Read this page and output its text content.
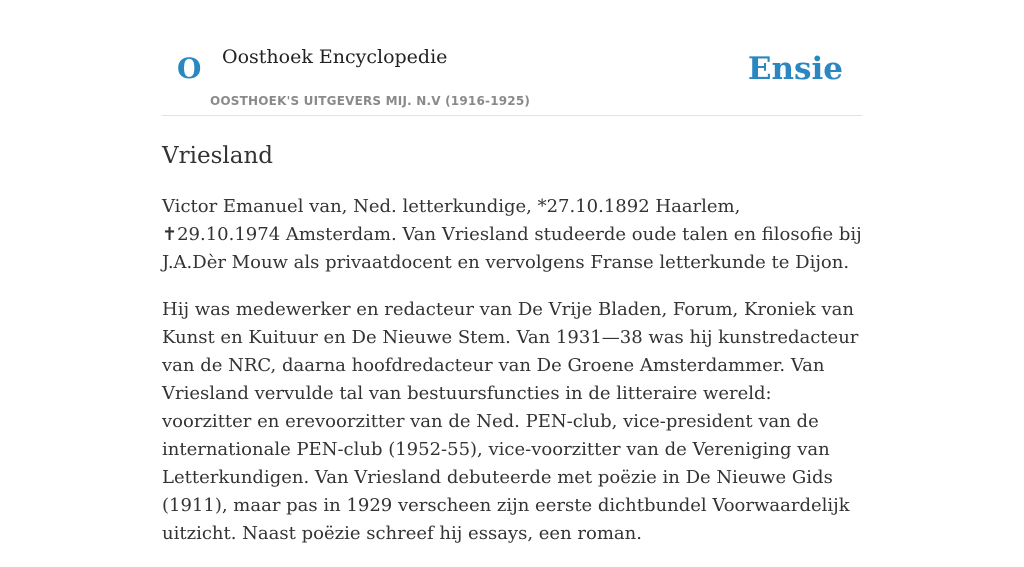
O Oosthoek Encyclopedie
OOSTHOEK'S UITGEVERS MIJ. N.V (1916-1925)
Ensie
Vriesland

Victor Emanuel van, Ned. letterkundige, *27.10.1892 Haarlem, ✝29.10.1974 Amsterdam. Van Vriesland studeerde oude talen en filosofie bij J.A.Dèr Mouw als privaatdocent en vervolgens Franse letterkunde te Dijon.

Hij was medewerker en redacteur van De Vrije Bladen, Forum, Kroniek van Kunst en Kuituur en De Nieuwe Stem. Van 1931—38 was hij kunstredacteur van de NRC, daarna hoofdredacteur van De Groene Amsterdammer. Van Vriesland vervulde tal van bestuursfuncties in de litteraire wereld: voorzitter en erevoorzitter van de Ned. PEN-club, vice-president van de internationale PEN-club (1952-55), vice-voorzitter van de Vereniging van Letterkundigen. Van Vriesland debuteerde met poëzie in De Nieuwe Gids (1911), maar pas in 1929 verscheen zijn eerste dichtbundel Voorwaardelijk uitzicht. Naast poëzie schreef hij essays, een roman.
